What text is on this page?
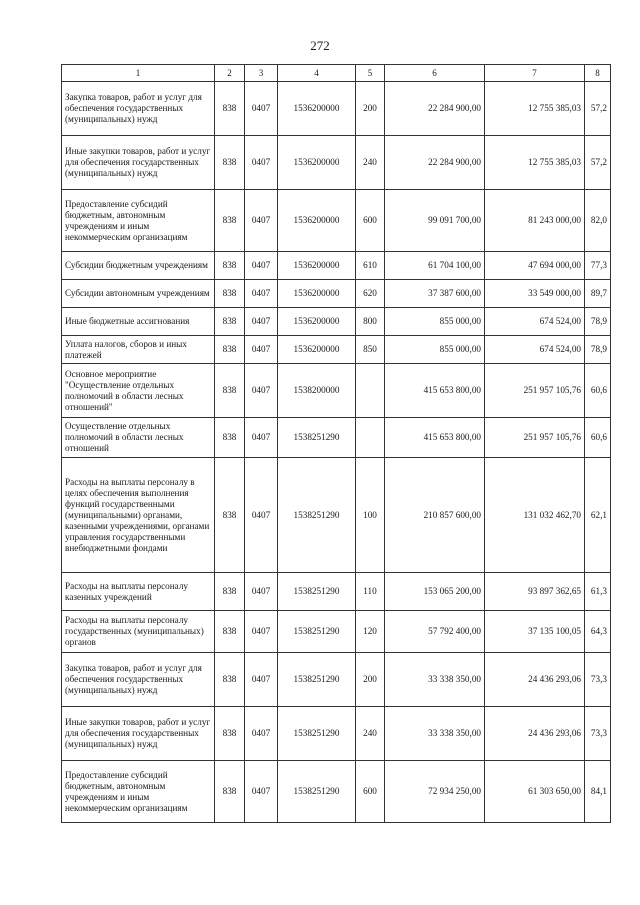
272
1	2	3	4	5	6	7	8
Закупка товаров, работ и услуг для обеспечения государственных (муниципальных) нужд	838	0407	1536200000	200	22 284 900,00	12 755 385,03	57,2
Иные закупки товаров, работ и услуг для обеспечения государственных (муниципальных) нужд	838	0407	1536200000	240	22 284 900,00	12 755 385,03	57,2
Предоставление субсидий бюджетным, автономным учреждениям и иным некоммерческим организациям	838	0407	1536200000	600	99 091 700,00	81 243 000,00	82,0
Субсидии бюджетным учреждениям	838	0407	1536200000	610	61 704 100,00	47 694 000,00	77,3
Субсидии автономным учреждениям	838	0407	1536200000	620	37 387 600,00	33 549 000,00	89,7
Иные бюджетные ассигнования	838	0407	1536200000	800	855 000,00	674 524,00	78,9
Уплата налогов, сборов и иных платежей	838	0407	1536200000	850	855 000,00	674 524,00	78,9
Основное мероприятие "Осуществление отдельных полномочий в области лесных отношений"	838	0407	1538200000		415 653 800,00	251 957 105,76	60,6
Осуществление отдельных полномочий в области лесных отношений	838	0407	1538251290		415 653 800,00	251 957 105,76	60,6
Расходы на выплаты персоналу в целях обеспечения выполнения функций государственными (муниципальными) органами, казенными учреждениями, органами управления государственными внебюджетными фондами	838	0407	1538251290	100	210 857 600,00	131 032 462,70	62,1
Расходы на выплаты персоналу казенных учреждений	838	0407	1538251290	110	153 065 200,00	93 897 362,65	61,3
Расходы на выплаты персоналу государственных (муниципальных) органов	838	0407	1538251290	120	57 792 400,00	37 135 100,05	64,3
Закупка товаров, работ и услуг для обеспечения государственных (муниципальных) нужд	838	0407	1538251290	200	33 338 350,00	24 436 293,06	73,3
Иные закупки товаров, работ и услуг для обеспечения государственных (муниципальных) нужд	838	0407	1538251290	240	33 338 350,00	24 436 293,06	73,3
Предоставление субсидий бюджетным, автономным учреждениям и иным некоммерческим организациям	838	0407	1538251290	600	72 934 250,00	61 303 650,00	84,1
